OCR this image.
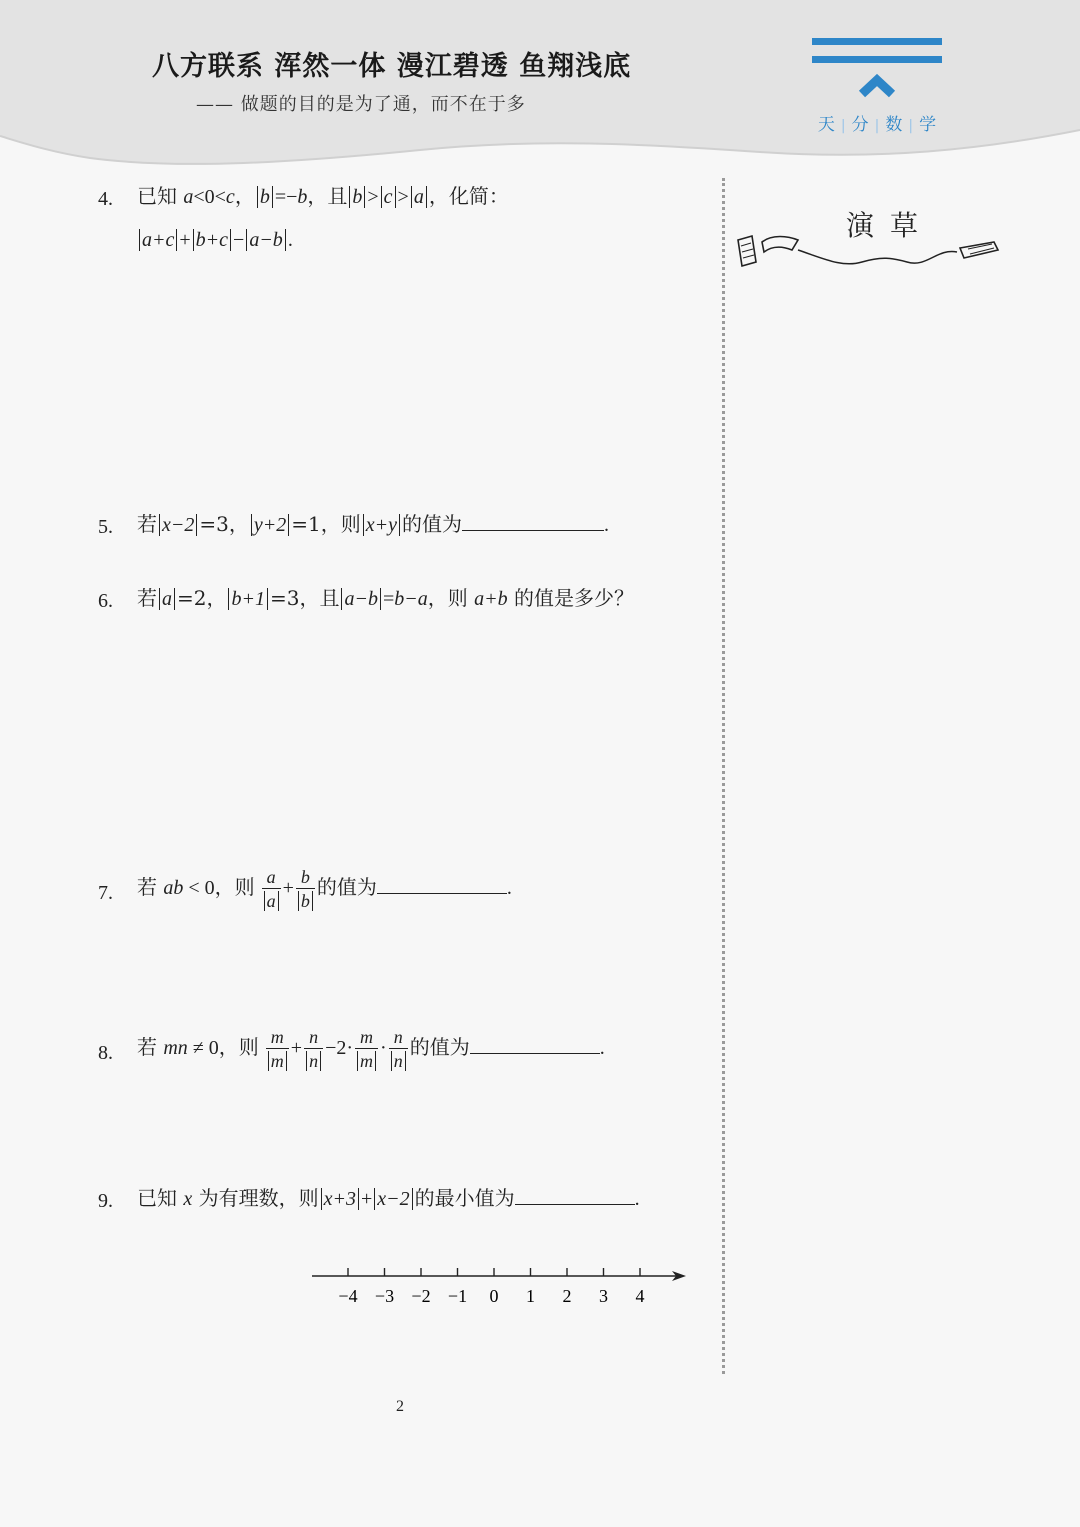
八方联系 浑然一体 漫江碧透 鱼翔浅底
—— 做题的目的是为了通，而不在于多
天 | 分 | 数 | 学
演草
4. 已知 a<0<c， b =−b，且 b > c > a ，化简：
a+c + b+c − a−b .
5. 若 x−2 =3， y+2 =1，则 x+y 的值为	.
6. 若 a =2， b+1 =3，且 a−b =b−a，则 a+b 的值是多少？
7. 若 ab < 0，则 $\frac{a}{a} + \frac{b}{b}$ 的值为	.
8. 若 mn ≠ 0，则 $\frac{m}{m} + \frac{n}{n} -2\cdot \frac{m}{m} \cdot \frac{n}{n}$ 的值为	.
9. 已知 x 为有理数，则 x+3 + x−2 的最小值为	.
−4 −3 −2 −1 0 1 2 3 4
2
